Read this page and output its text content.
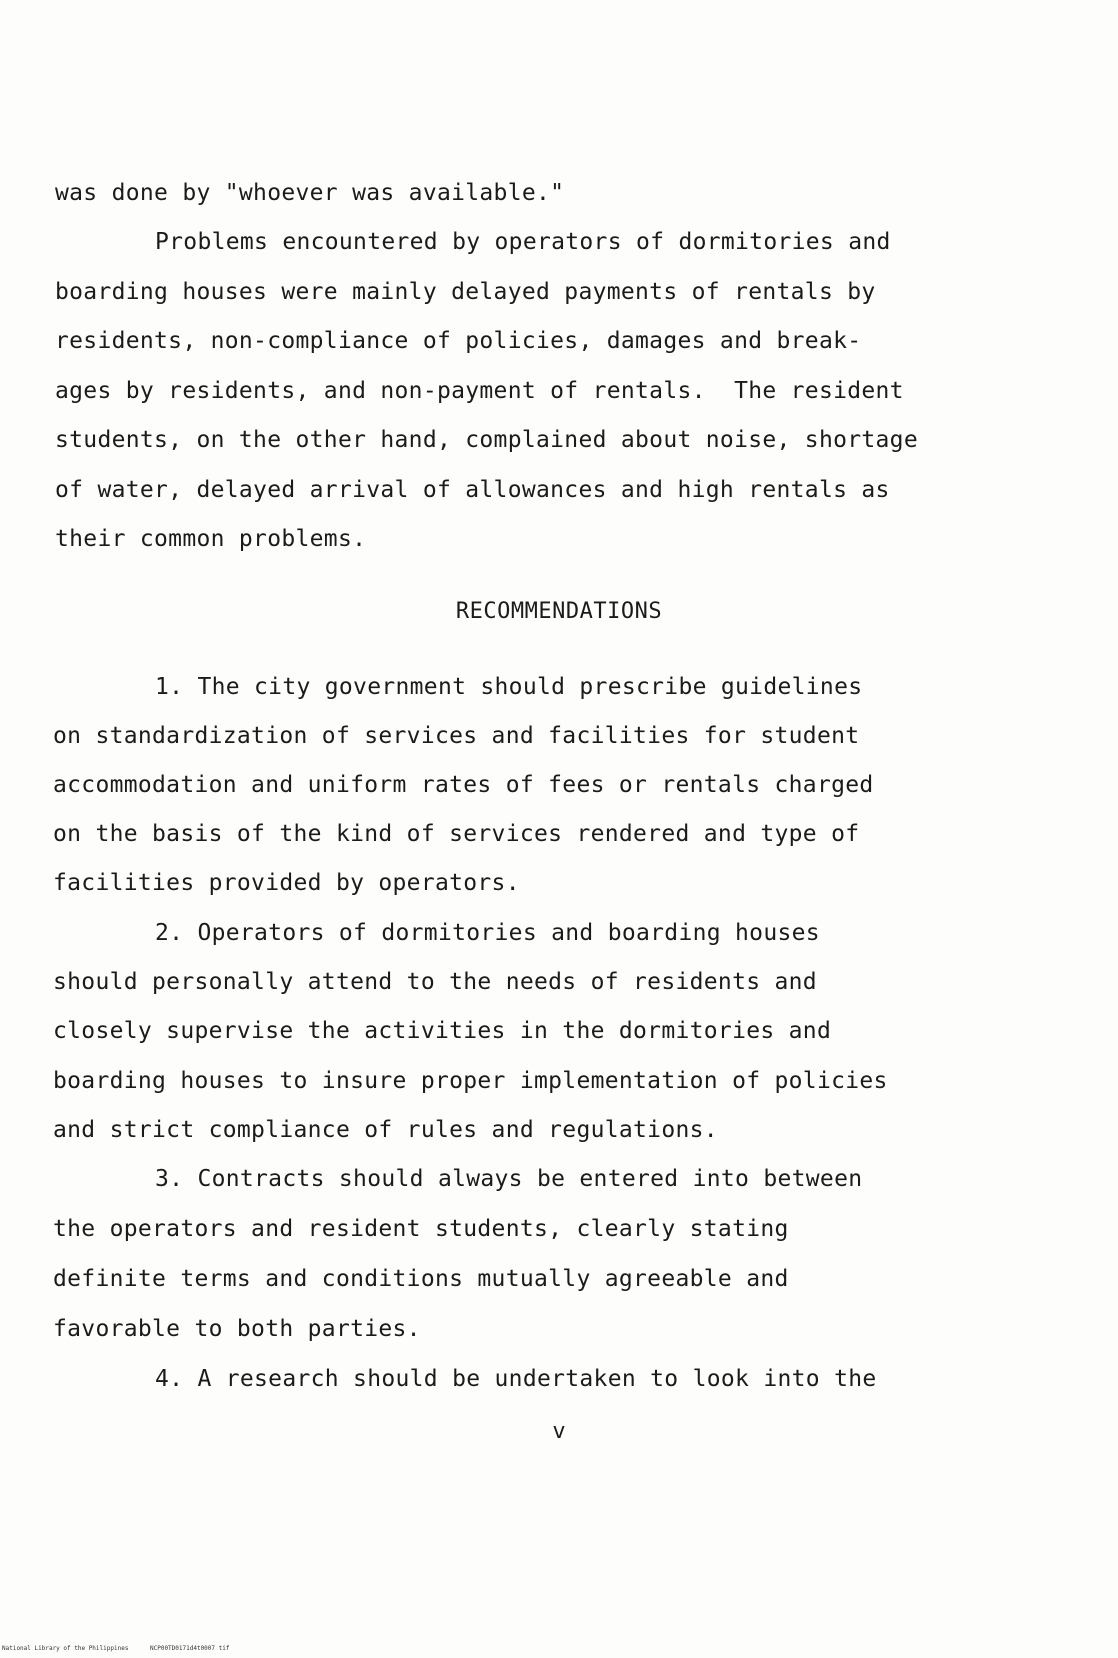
was done by "whoever was available."
Problems encountered by operators of dormitories and
boarding houses were mainly delayed payments of rentals by
residents, non-compliance of policies, damages and break-
ages by residents, and non-payment of rentals.  The resident
students, on the other hand, complained about noise, shortage
of water, delayed arrival of allowances and high rentals as
their common problems.
RECOMMENDATIONS
1. The city government should prescribe guidelines
on standardization of services and facilities for student
accommodation and uniform rates of fees or rentals charged
on the basis of the kind of services rendered and type of
facilities provided by operators.
2. Operators of dormitories and boarding houses
should personally attend to the needs of residents and
closely supervise the activities in the dormitories and
boarding houses to insure proper implementation of policies
and strict compliance of rules and regulations.
3. Contracts should always be entered into between
the operators and resident students, clearly stating
definite terms and conditions mutually agreeable and
favorable to both parties.
4. A research should be undertaken to look into the
v
National Library of the Philippines	NCP00TD0171d4t0007 tif
